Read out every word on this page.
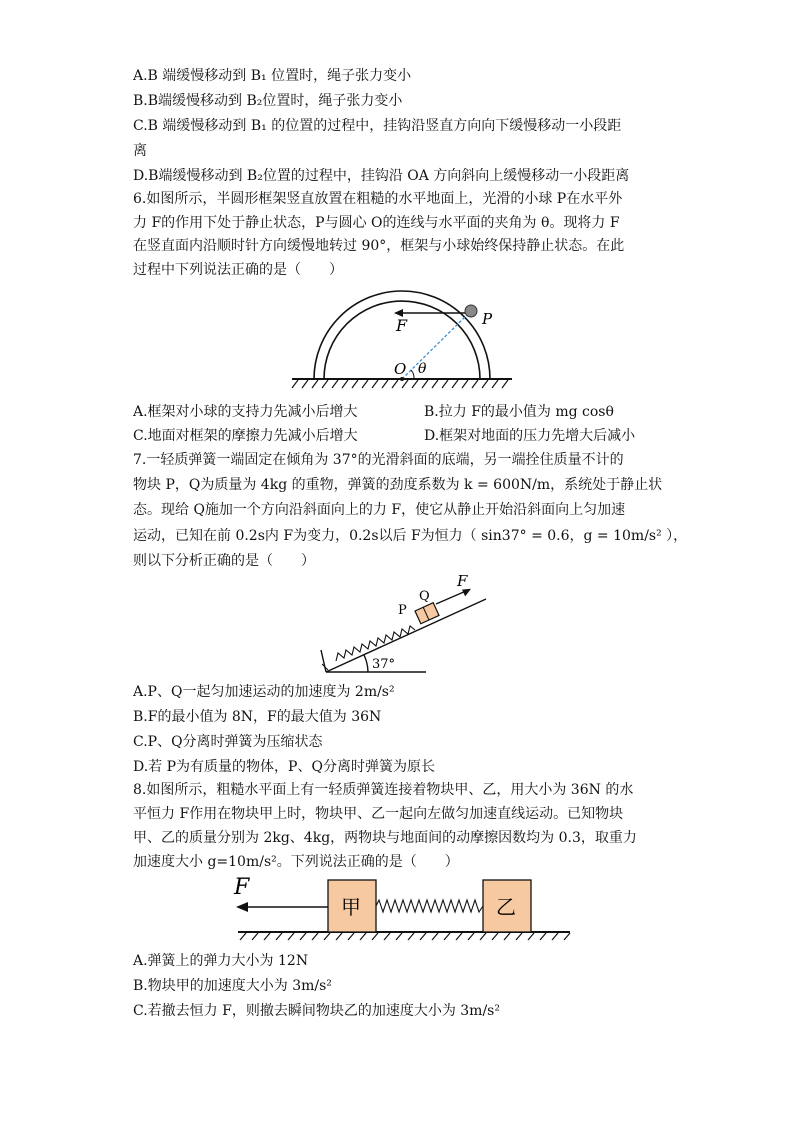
A.B 端缓慢移动到 B₁ 位置时，绳子张力变小
B.B端缓慢移动到 B₂位置时，绳子张力变小
C.B 端缓慢移动到 B₁ 的位置的过程中，挂钩沿竖直方向向下缓慢移动一小段距
离
D.B端缓慢移动到 B₂位置的过程中，挂钩沿 OA 方向斜向上缓慢移动一小段距离
6.如图所示，半圆形框架竖直放置在粗糙的水平地面上，光滑的小球 P在水平外
力 F的作用下处于静止状态，P与圆心 O的连线与水平面的夹角为 θ。现将力 F
在竖直面内沿顺时针方向缓慢地转过 90°，框架与小球始终保持静止状态。在此
过程中下列说法正确的是（　　）
F	P
O θ
A.框架对小球的支持力先减小后增大	B.拉力 F的最小值为 mg cosθ
C.地面对框架的摩擦力先减小后增大	D.框架对地面的压力先增大后减小
7.一轻质弹簧一端固定在倾角为 37°的光滑斜面的底端，另一端拴住质量不计的
物块 P，Q为质量为 4kg 的重物，弹簧的劲度系数为 k = 600N/m，系统处于静止状
态。现给 Q施加一个方向沿斜面向上的力 F，使它从静止开始沿斜面向上匀加速
运动，已知在前 0.2s内 F为变力，0.2s以后 F为恒力（ sin37° = 0.6，g = 10m/s² ），
则以下分析正确的是（　　）
F
P
Q
37°
A.P、Q一起匀加速运动的加速度为 2m/s²
B.F的最小值为 8N，F的最大值为 36N
C.P、Q分离时弹簧为压缩状态
D.若 P为有质量的物体，P、Q分离时弹簧为原长
8.如图所示，粗糙水平面上有一轻质弹簧连接着物块甲、乙，用大小为 36N 的水
平恒力 F作用在物块甲上时，物块甲、乙一起向左做匀加速直线运动。已知物块
甲、乙的质量分别为 2kg、4kg，两物块与地面间的动摩擦因数均为 0.3，取重力
加速度大小 g=10m/s²。下列说法正确的是（　　）
F
甲	乙
A.弹簧上的弹力大小为 12N
B.物块甲的加速度大小为 3m/s²
C.若撤去恒力 F，则撤去瞬间物块乙的加速度大小为 3m/s²
